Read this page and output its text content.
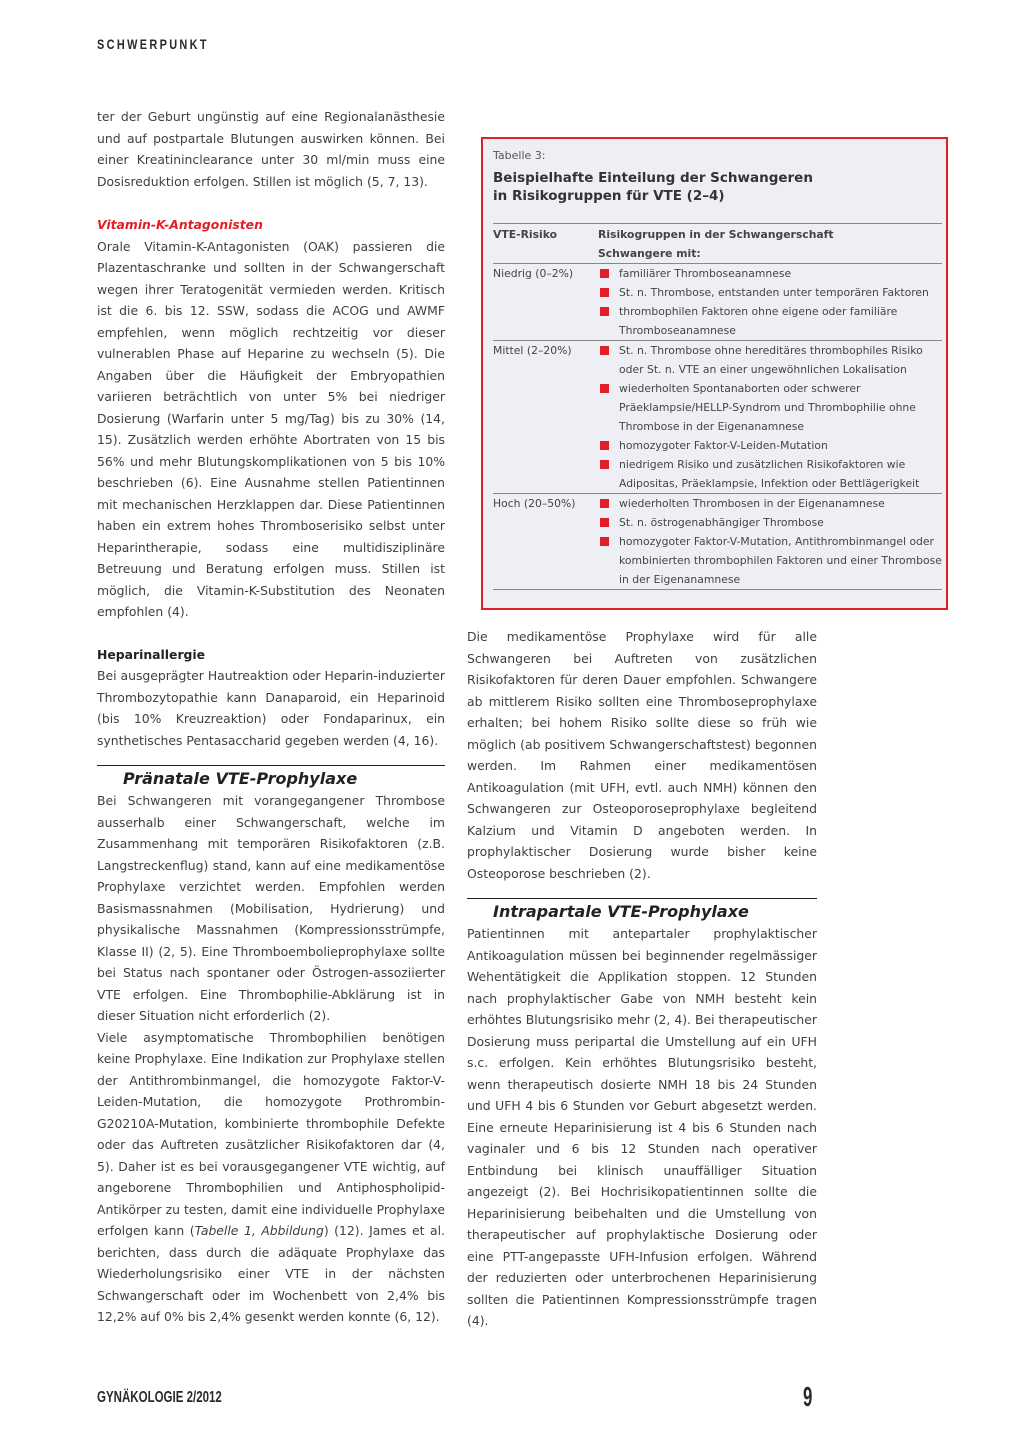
SCHWERPUNKT

ter der Geburt ungünstig auf eine Regionalanästhesie und auf postpartale Blutungen auswirken können. Bei einer Kreatininclearance unter 30 ml/min muss eine Dosisreduktion erfolgen. Stillen ist möglich (5, 7, 13).

Vitamin-K-Antagonisten

Orale Vitamin-K-Antagonisten (OAK) passieren die Plazentaschranke und sollten in der Schwangerschaft wegen ihrer Teratogenität vermieden werden. Kritisch ist die 6. bis 12. SSW, sodass die ACOG und AWMF empfehlen, wenn möglich rechtzeitig vor dieser vulnerablen Phase auf Heparine zu wechseln (5). Die Angaben über die Häufigkeit der Embryopathien variieren beträchtlich von unter 5% bei niedriger Dosierung (Warfarin unter 5 mg/Tag) bis zu 30% (14, 15). Zusätzlich werden erhöhte Abortraten von 15 bis 56% und mehr Blutungskomplikationen von 5 bis 10% beschrieben (6). Eine Ausnahme stellen Patientinnen mit mechanischen Herzklappen dar. Diese Patientinnen haben ein extrem hohes Thromboserisiko selbst unter Heparintherapie, sodass eine multidisziplinäre Betreuung und Beratung erfolgen muss. Stillen ist möglich, die Vitamin-K-Substitution des Neonaten empfohlen (4).

Heparinallergie

Bei ausgeprägter Hautreaktion oder Heparin-induzierter Thrombozytopathie kann Danaparoid, ein Heparinoid (bis 10% Kreuzreaktion) oder Fondaparinux, ein synthetisches Pentasaccharid gegeben werden (4, 16).

Pränatale VTE-Prophylaxe

Bei Schwangeren mit vorangegangener Thrombose ausserhalb einer Schwangerschaft, welche im Zusammenhang mit temporären Risikofaktoren (z.B. Langstreckenflug) stand, kann auf eine medikamentöse Prophylaxe verzichtet werden. Empfohlen werden Basismassnahmen (Mobilisation, Hydrierung) und physikalische Massnahmen (Kompressionsstrümpfe, Klasse II) (2, 5). Eine Thromboembolieprophylaxe sollte bei Status nach spontaner oder Östrogen-assoziierter VTE erfolgen. Eine Thrombophilie-Abklärung ist in dieser Situation nicht erforderlich (2).

Viele asymptomatische Thrombophilien benötigen keine Prophylaxe. Eine Indikation zur Prophylaxe stellen der Antithrombinmangel, die homozygote Faktor-V-Leiden-Mutation, die homozygote Prothrombin-G20210A-Mutation, kombinierte thrombophile Defekte oder das Auftreten zusätzlicher Risikofaktoren dar (4, 5). Daher ist es bei vorausgegangener VTE wichtig, auf angeborene Thrombophilien und Antiphospholipid-Antikörper zu testen, damit eine individuelle Prophylaxe erfolgen kann (Tabelle 1, Abbildung) (12). James et al. berichten, dass durch die adäquate Prophylaxe das Wiederholungsrisiko einer VTE in der nächsten Schwangerschaft oder im Wochenbett von 2,4% bis 12,2% auf 0% bis 2,4% gesenkt werden konnte (6, 12).

Tabelle 3:
Beispielhafte Einteilung der Schwangeren
in Risikogruppen für VTE (2–4)
VTE-Risiko	Risikogruppen in der Schwangerschaft
Schwangere mit:
Niedrig (0–2%)	familiärer Thromboseanamnese
St. n. Thrombose, entstanden unter temporären Faktoren
thrombophilen Faktoren ohne eigene oder familiäre Thromboseanamnese
Mittel (2–20%)	St. n. Thrombose ohne hereditäres thrombophiles Risiko oder St. n. VTE an einer ungewöhnlichen Lokalisation
wiederholten Spontanaborten oder schwerer Präeklampsie/HELLP-Syndrom und Thrombophilie ohne Thrombose in der Eigenanamnese
homozygoter Faktor-V-Leiden-Mutation
niedrigem Risiko und zusätzlichen Risikofaktoren wie Adipositas, Präeklampsie, Infektion oder Bettlägerigkeit
Hoch (20–50%)	wiederholten Thrombosen in der Eigenanamnese
St. n. östrogenabhängiger Thrombose
homozygoter Faktor-V-Mutation, Antithrombinmangel oder kombinierten thrombophilen Faktoren und einer Thrombose in der Eigenanamnese

Die medikamentöse Prophylaxe wird für alle Schwangeren bei Auftreten von zusätzlichen Risikofaktoren für deren Dauer empfohlen. Schwangere ab mittlerem Risiko sollten eine Thromboseprophylaxe erhalten; bei hohem Risiko sollte diese so früh wie möglich (ab positivem Schwangerschaftstest) begonnen werden. Im Rahmen einer medikamentösen Antikoagulation (mit UFH, evtl. auch NMH) können den Schwangeren zur Osteoporoseprophylaxe begleitend Kalzium und Vitamin D angeboten werden. In prophylaktischer Dosierung wurde bisher keine Osteoporose beschrieben (2).

Intrapartale VTE-Prophylaxe

Patientinnen mit antepartaler prophylaktischer Antikoagulation müssen bei beginnender regelmässiger Wehentätigkeit die Applikation stoppen. 12 Stunden nach prophylaktischer Gabe von NMH besteht kein erhöhtes Blutungsrisiko mehr (2, 4). Bei therapeutischer Dosierung muss peripartal die Umstellung auf ein UFH s.c. erfolgen. Kein erhöhtes Blutungsrisiko besteht, wenn therapeutisch dosierte NMH 18 bis 24 Stunden und UFH 4 bis 6 Stunden vor Geburt abgesetzt werden. Eine erneute Heparinisierung ist 4 bis 6 Stunden nach vaginaler und 6 bis 12 Stunden nach operativer Entbindung bei klinisch unauffälliger Situation angezeigt (2). Bei Hochrisikopatientinnen sollte die Heparinisierung beibehalten und die Umstellung von therapeutischer auf prophylaktische Dosierung oder eine PTT-angepasste UFH-Infusion erfolgen. Während der reduzierten oder unterbrochenen Heparinisierung sollten die Patientinnen Kompressionsstrümpfe tragen (4).

GYNÄKOLOGIE 2/2012	9
